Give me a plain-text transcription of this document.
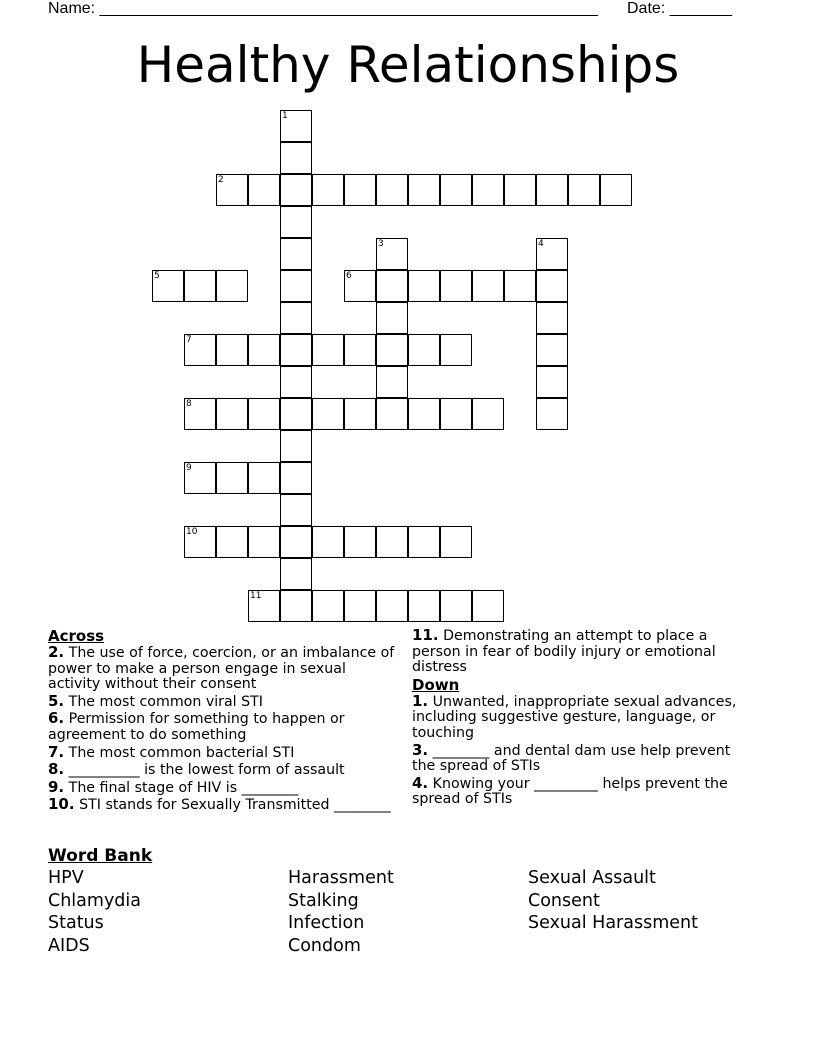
Name: ________________________________________________________ Date: _______
Healthy Relationships
1
2
3	4
5	6
7
8
9
10
11
Across
2. The use of force, coercion, or an imbalance of power to make a person engage in sexual activity without their consent
5. The most common viral STI
6. Permission for something to happen or agreement to do something
7. The most common bacterial STI
8. __________ is the lowest form of assault
9. The final stage of HIV is ________
10. STI stands for Sexually Transmitted ________
11. Demonstrating an attempt to place a person in fear of bodily injury or emotional distress
Down
1. Unwanted, inappropriate sexual advances, including suggestive gesture, language, or touching
3. ________ and dental dam use help prevent the spread of STIs
4. Knowing your _________ helps prevent the spread of STIs
Word Bank
HPV
Chlamydia
Status
AIDS
Harassment
Stalking
Infection
Condom
Sexual Assault
Consent
Sexual Harassment
